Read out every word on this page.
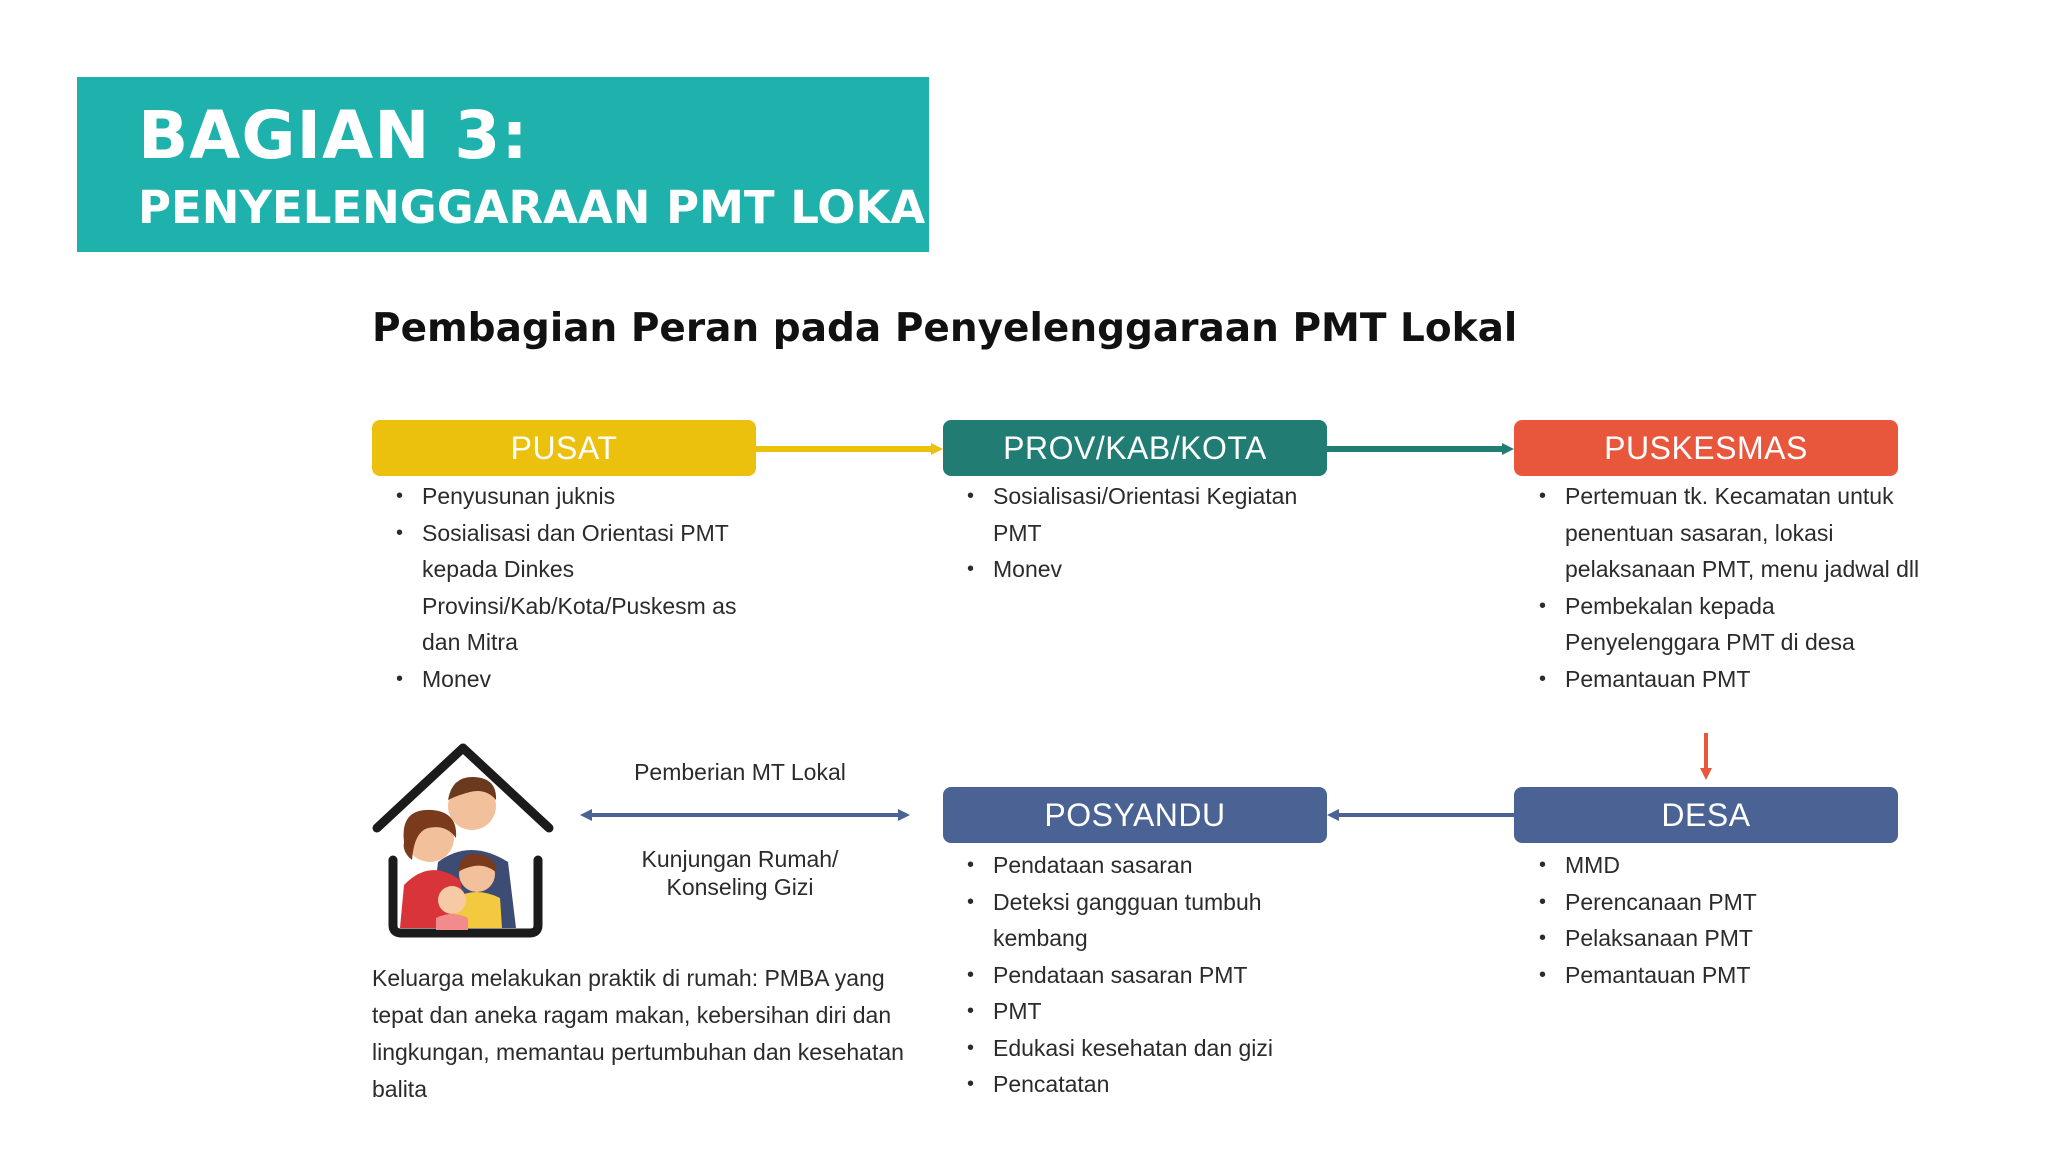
BAGIAN 3:
PENYELENGGARAAN PMT LOKAL
Pembagian Peran pada Penyelenggaraan PMT Lokal
PUSAT	PROV/KAB/KOTA	PUSKESMAS
POSYANDU	DESA
• Penyusunan juknis
• Sosialisasi dan Orientasi PMT kepada Dinkes Provinsi/Kab/Kota/Puskesm as dan Mitra
• Monev
• Sosialisasi/Orientasi Kegiatan PMT
• Monev
• Pertemuan tk. Kecamatan untuk penentuan sasaran, lokasi pelaksanaan PMT, menu jadwal dll
• Pembekalan kepada Penyelenggara PMT di desa
• Pemantauan PMT
• Pendataan sasaran
• Deteksi gangguan tumbuh kembang
• Pendataan sasaran PMT
• PMT
• Edukasi kesehatan dan gizi
• Pencatatan
• MMD
• Perencanaan PMT
• Pelaksanaan PMT
• Pemantauan PMT
Pemberian MT Lokal
Kunjungan Rumah/
Konseling Gizi
Keluarga melakukan praktik di rumah: PMBA yang tepat dan aneka ragam makan, kebersihan diri dan lingkungan, memantau pertumbuhan dan kesehatan balita
